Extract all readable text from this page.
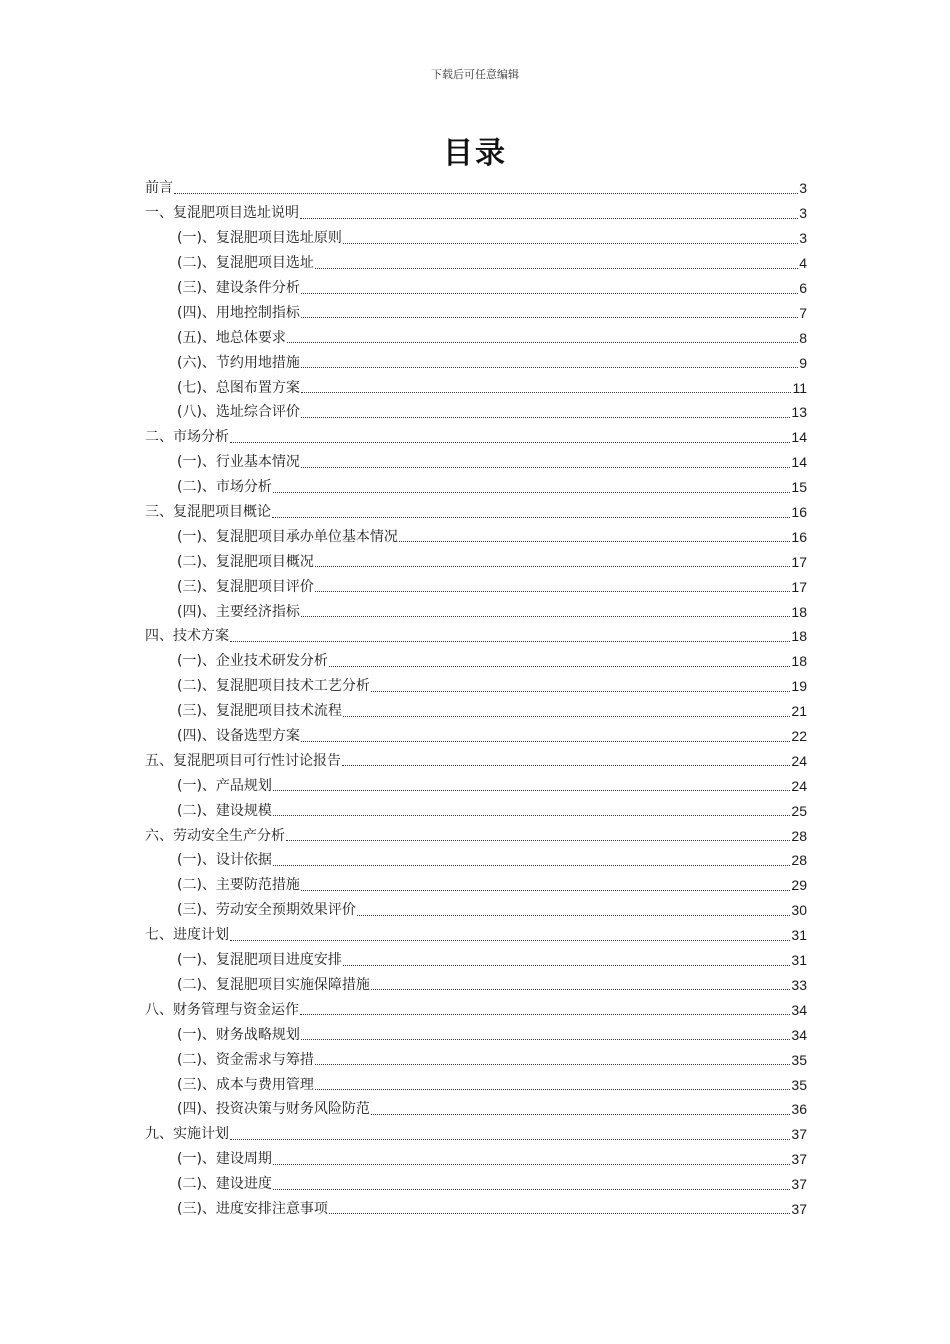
下载后可任意编辑
目录
前言	3
一、复混肥项目选址说明	3
(一)、复混肥项目选址原则	3
(二)、复混肥项目选址	4
(三)、建设条件分析	6
(四)、用地控制指标	7
(五)、地总体要求	8
(六)、节约用地措施	9
(七)、总图布置方案	11
(八)、选址综合评价	13
二、市场分析	14
(一)、行业基本情况	14
(二)、市场分析	15
三、复混肥项目概论	16
(一)、复混肥项目承办单位基本情况	16
(二)、复混肥项目概况	17
(三)、复混肥项目评价	17
(四)、主要经济指标	18
四、技术方案	18
(一)、企业技术研发分析	18
(二)、复混肥项目技术工艺分析	19
(三)、复混肥项目技术流程	21
(四)、设备选型方案	22
五、复混肥项目可行性讨论报告	24
(一)、产品规划	24
(二)、建设规模	25
六、劳动安全生产分析	28
(一)、设计依据	28
(二)、主要防范措施	29
(三)、劳动安全预期效果评价	30
七、进度计划	31
(一)、复混肥项目进度安排	31
(二)、复混肥项目实施保障措施	33
八、财务管理与资金运作	34
(一)、财务战略规划	34
(二)、资金需求与筹措	35
(三)、成本与费用管理	35
(四)、投资决策与财务风险防范	36
九、实施计划	37
(一)、建设周期	37
(二)、建设进度	37
(三)、进度安排注意事项	37
